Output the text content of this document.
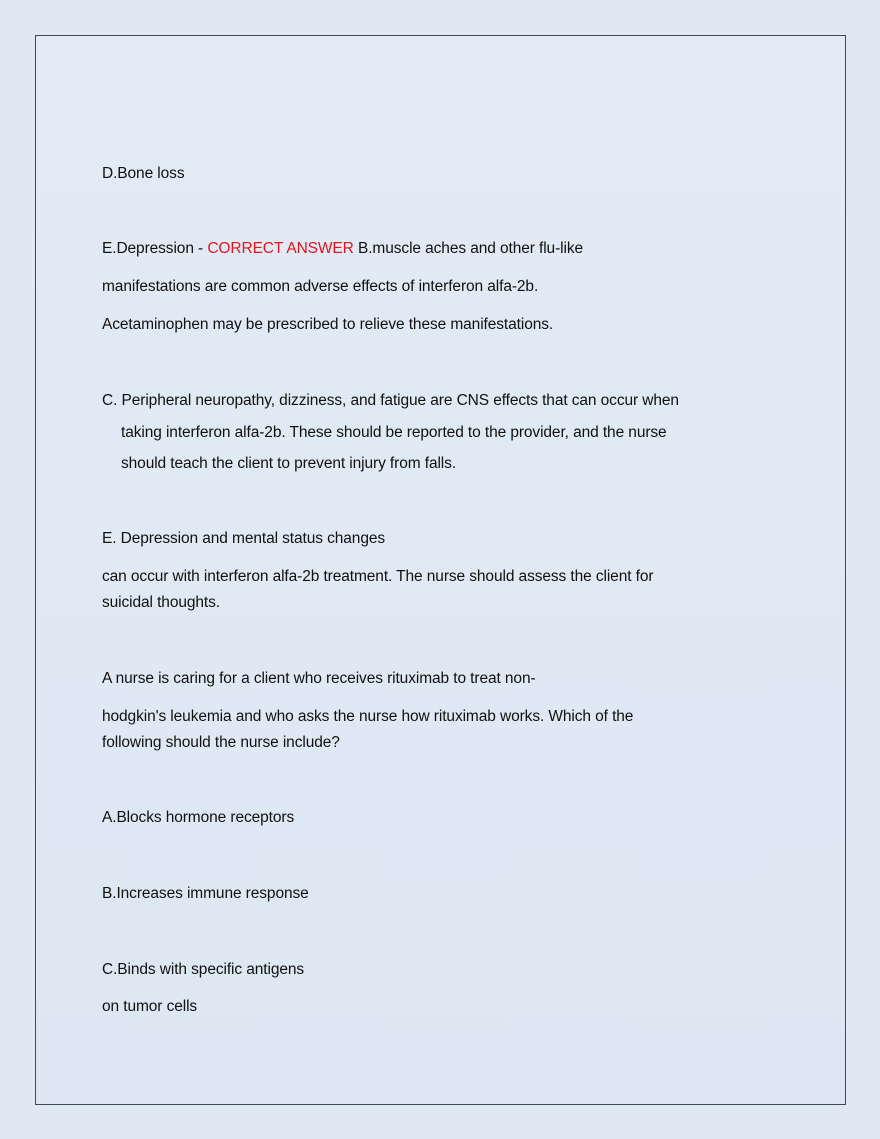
D.Bone loss
E.Depression - CORRECT ANSWER B.muscle aches and other flu-like
manifestations are common adverse effects of interferon alfa-2b.
Acetaminophen may be prescribed to relieve these manifestations.
C. Peripheral neuropathy, dizziness, and fatigue are CNS effects that can occur when
taking interferon alfa-2b. These should be reported to the provider, and the nurse
should teach the client to prevent injury from falls.
E. Depression and mental status changes
can occur with interferon alfa-2b treatment. The nurse should assess the client for
suicidal thoughts.
A nurse is caring for a client who receives rituximab to treat non-
hodgkin's leukemia and who asks the nurse how rituximab works. Which of the
following should the nurse include?
A.Blocks hormone receptors
B.Increases immune response
C.Binds with specific antigens
on tumor cells
